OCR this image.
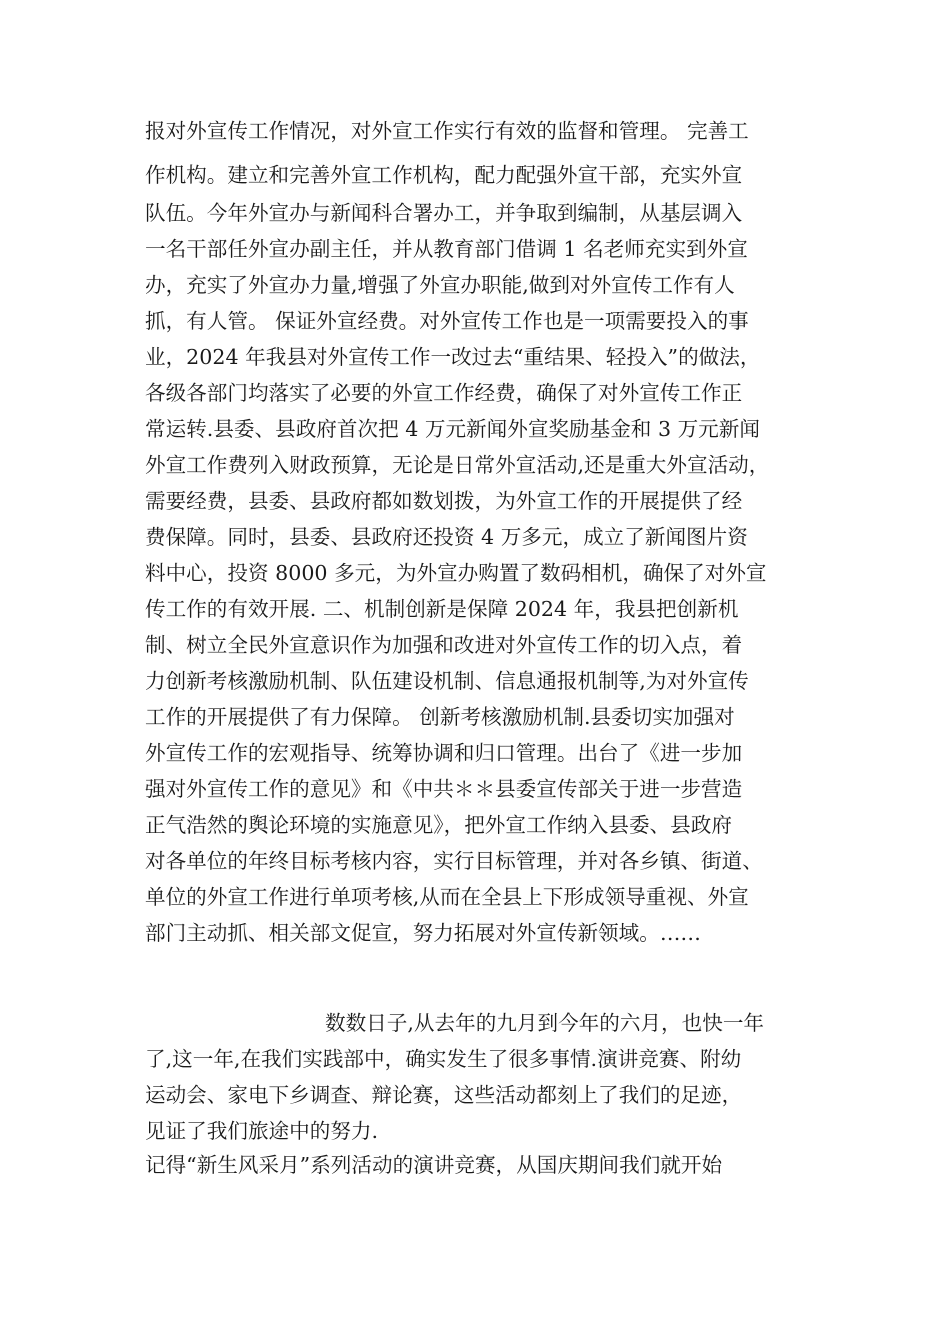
报对外宣传工作情况，对外宣工作实行有效的监督和管理。 完善工
作机构。建立和完善外宣工作机构，配力配强外宣干部，充实外宣
队伍。今年外宣办与新闻科合署办工，并争取到编制，从基层调入
一名干部任外宣办副主任，并从教育部门借调 1 名老师充实到外宣
办，充实了外宣办力量,增强了外宣办职能,做到对外宣传工作有人
抓，有人管。 保证外宣经费。对外宣传工作也是一项需要投入的事
业，2024 年我县对外宣传工作一改过去“重结果、轻投入”的做法，
各级各部门均落实了必要的外宣工作经费，确保了对外宣传工作正
常运转.县委、县政府首次把 4 万元新闻外宣奖励基金和 3 万元新闻
外宣工作费列入财政预算，无论是日常外宣活动,还是重大外宣活动，
需要经费，县委、县政府都如数划拨，为外宣工作的开展提供了经
费保障。同时，县委、县政府还投资 4 万多元，成立了新闻图片资
料中心，投资 8000 多元，为外宣办购置了数码相机，确保了对外宣
传工作的有效开展. 二、机制创新是保障 2024 年，我县把创新机
制、树立全民外宣意识作为加强和改进对外宣传工作的切入点，着
力创新考核激励机制、队伍建设机制、信息通报机制等,为对外宣传
工作的开展提供了有力保障。 创新考核激励机制.县委切实加强对
外宣传工作的宏观指导、统筹协调和归口管理。出台了《进一步加
强对外宣传工作的意见》和《中共＊＊县委宣传部关于进一步营造
正气浩然的舆论环境的实施意见》，把外宣工作纳入县委、县政府
对各单位的年终目标考核内容，实行目标管理，并对各乡镇、街道、
单位的外宣工作进行单项考核,从而在全县上下形成领导重视、外宣
部门主动抓、相关部文促宣，努力拓展对外宣传新领域。……
数数日子,从去年的九月到今年的六月，也快一年
了,这一年,在我们实践部中，确实发生了很多事情.演讲竞赛、附幼
运动会、家电下乡调查、辩论赛，这些活动都刻上了我们的足迹，
见证了我们旅途中的努力.
记得“新生风采月”系列活动的演讲竞赛，从国庆期间我们就开始
